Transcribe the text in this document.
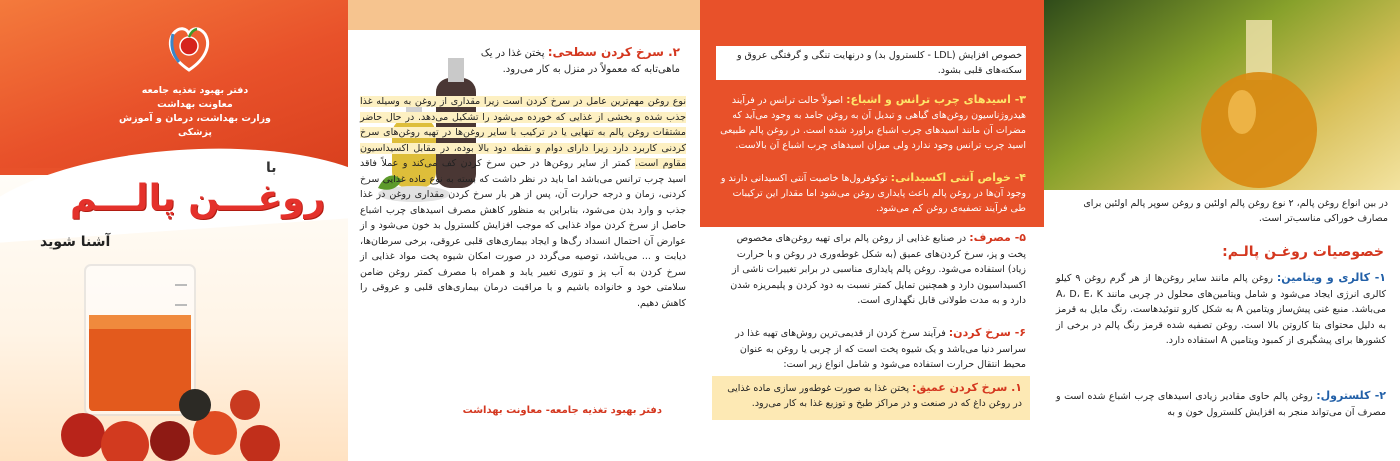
دفتر بهبود تغذیه جامعه
معاونت بهداشت
وزارت بهداشت، درمان و آموزش پزشکی
با
روغـــن پالـــم
آشنا شوید
۲. سرخ کردن سطحی: پختن غذا در یک ماهی‌تابه که معمولاً در منزل به کار می‌رود.
نوع روغن مهم‌ترین عامل در سرخ کردن است زیرا مقداری از روغن به وسیله غذا جذب شده و بخشی از غذایی که خورده می‌شود را تشکیل می‌دهد. در حال حاضر مشتقات روغن پالم به تنهایی یا در ترکیب با سایر روغن‌ها در تهیه روغن‌های سرخ کردنی کاربرد دارد زیرا دارای دوام و نقطه دود بالا بوده، در مقابل اکسیداسیون مقاوم است. کمتر از سایر روغن‌ها در حین سرخ کردن کف می‌کند و عملاً فاقد اسید چرب ترانس می‌باشد اما باید در نظر داشت که بسته به نوع ماده غذایی سرخ کردنی، زمان و درجه حرارت آن، پس از هر بار سرخ کردن مقداری روغن در غذا جذب و وارد بدن می‌شود، بنابراین به منظور کاهش مصرف اسیدهای چرب اشباع حاصل از سرخ کردن مواد غذایی که موجب افزایش کلسترول بد خون می‌شود و از عوارض آن احتمال انسداد رگ‌ها و ایجاد بیماری‌های قلبی عروقی، برخی سرطان‌ها، دیابت و ... می‌باشد، توصیه می‌گردد در صورت امکان شیوه پخت مواد غذایی از سرخ کردن به آب پز و تنوری تغییر یابد و همراه با مصرف کمتر روغن ضامن سلامتی خود و خانواده باشیم و با مراقبت درمان بیماری‌های قلبی و عروقی را کاهش دهیم.
دفتر بهبود تغذیه جامعه- معاونت بهداشت
خصوص افزایش (LDL - کلسترول بد) و درنهایت تنگی و گرفتگی عروق و سکته‌های قلبی بشود.
۳- اسیدهای چرب ترانس و اشباع: اصولاً حالت ترانس در فرآیند هیدروژناسیون روغن‌های گیاهی و تبدیل آن به روغن جامد به وجود می‌آید که مضرات آن مانند اسیدهای چرب اشباع براورد شده است. در روغن پالم طبیعی اسید چرب ترانس وجود ندارد ولی میزان اسیدهای چرب اشباع آن بالاست.
۴- خواص آنتی اکسیدانی: توکوفرول‌ها خاصیت آنتی اکسیدانی دارند و وجود آن‌ها در روغن پالم باعث پایداری روغن می‌شود اما مقدار این ترکیبات طی فرآیند تصفیه‌ی روغن کم می‌شود.
۵- مصرف: در صنایع غذایی از روغن پالم برای تهیه روغن‌های مخصوص پخت و پز، سرخ کردن‌های عمیق (به شکل غوطه‌وری در روغن و با حرارت زیاد) استفاده می‌شود. روغن پالم پایداری مناسبی در برابر تغییرات ناشی از اکسیداسیون دارد و همچنین تمایل کمتر نسبت به دود کردن و پلیمریزه شدن دارد و به مدت طولانی قابل نگهداری است.
۶- سرخ کردن: فرآیند سرخ کردن از قدیمی‌ترین روش‌های تهیه غذا در سراسر دنیا می‌باشد و یک شیوه پخت است که از چربی یا روغن به عنوان محیط انتقال حرارت استفاده می‌شود و شامل انواع زیر است:
۱. سرخ کردن عمیق: پختن غذا به صورت غوطه‌ور سازی ماده غذایی در روغن داغ که در صنعت و در مراکز طبخ و توزیع غذا به کار می‌رود.
در بین انواع روغن پالم، ۲ نوع روغن پالم اولئین و روغن سوپر پالم اولئین برای مصارف خوراکی مناسب‌تر است.
خصوصیات روغـن پالـم:
۱- کالری و ویتامین: روغن پالم مانند سایر روغن‌ها از هر گرم روغن ۹ کیلو کالری انرژی ایجاد می‌شود و شامل ویتامین‌های محلول در چربی مانند A، D، E، K می‌باشد. منبع غنی پیش‌ساز ویتامین A به شکل کارو تنوئیدهاست. رنگ مایل به قرمز به دلیل محتوای بتا کاروتن بالا است. روغن تصفیه شده قرمز رنگ پالم در برخی از کشورها برای پیشگیری از کمبود ویتامین A استفاده دارد.
۲- کلسترول: روغن پالم حاوی مقادیر زیادی اسیدهای چرب اشباع شده است و مصرف آن می‌تواند منجر به افزایش کلسترول خون و به
